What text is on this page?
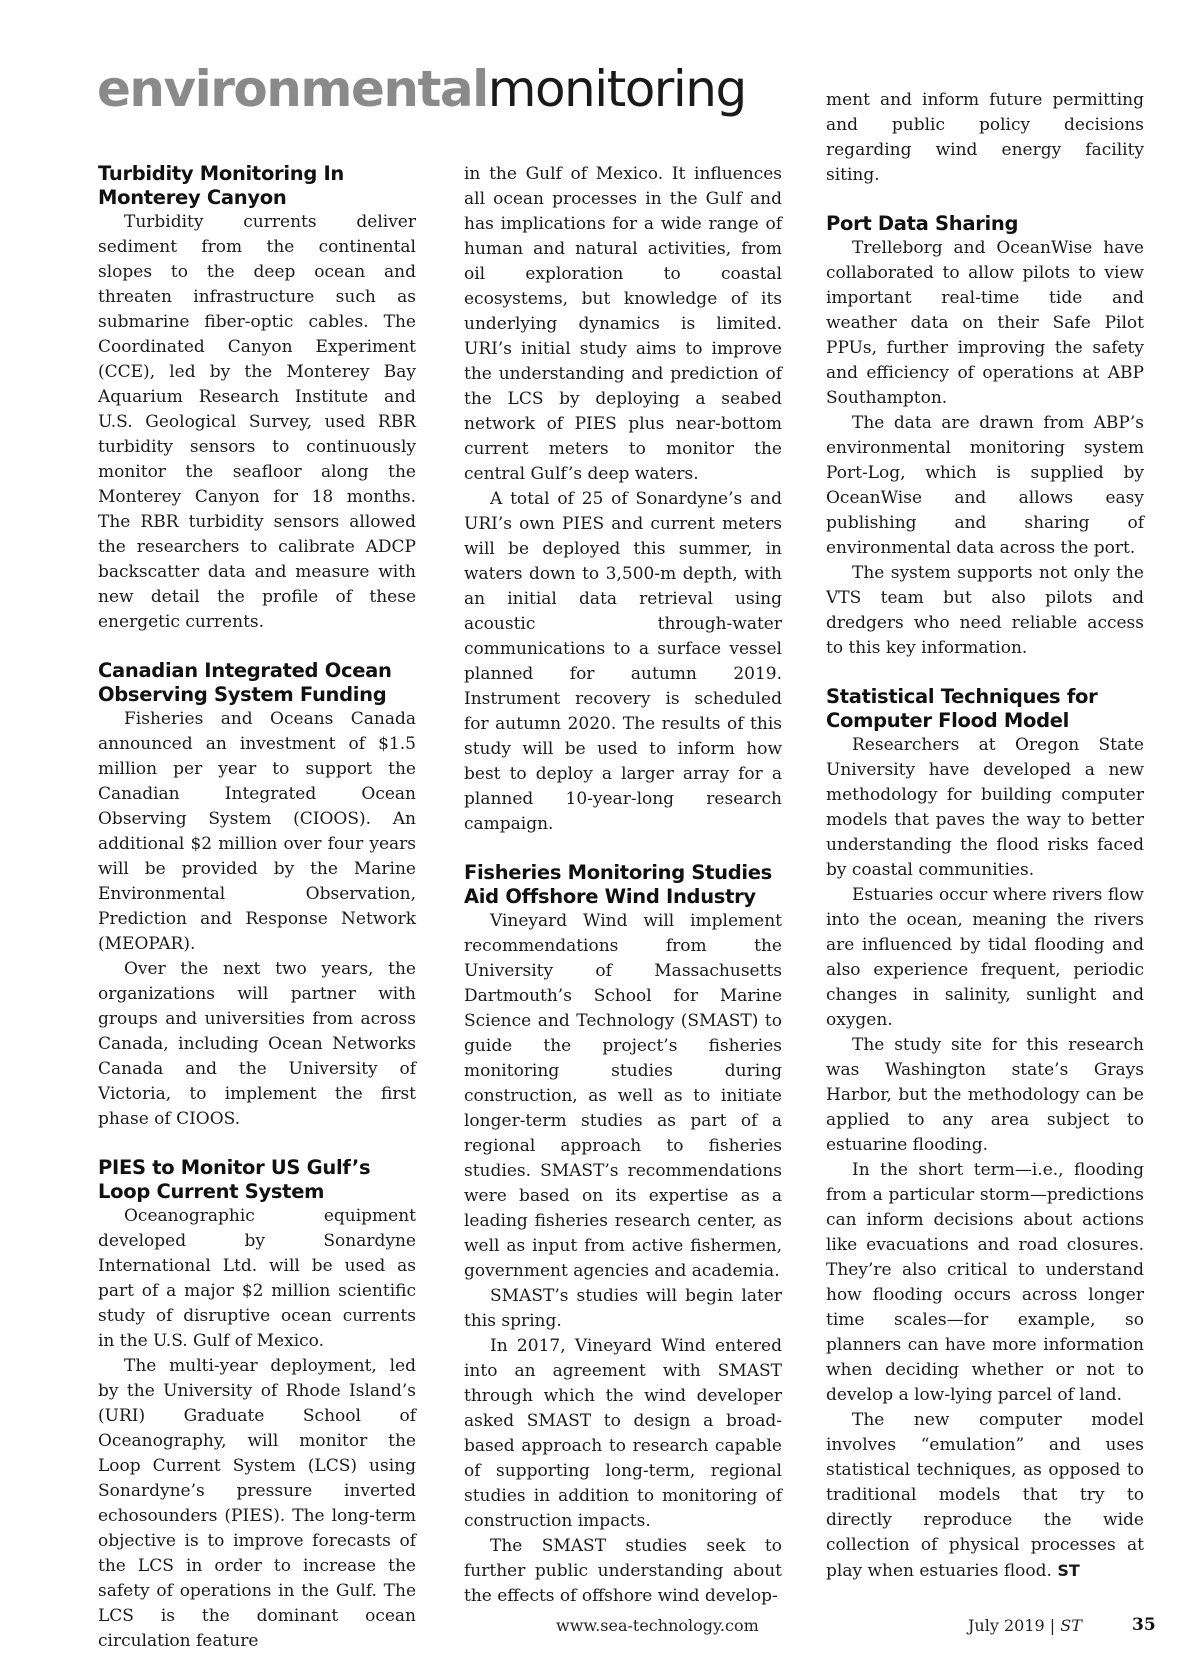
environmentalmonitoring
Turbidity Monitoring In Monterey Canyon

Turbidity currents deliver sediment from the continental slopes to the deep ocean and threaten infrastructure such as submarine fiber-optic cables. The Coordinated Canyon Experiment (CCE), led by the Monterey Bay Aquarium Research Institute and U.S. Geological Survey, used RBR turbidity sensors to continuously monitor the seafloor along the Monterey Canyon for 18 months. The RBR turbidity sensors allowed the researchers to calibrate ADCP backscatter data and measure with new detail the profile of these energetic currents.

Canadian Integrated Ocean Observing System Funding

Fisheries and Oceans Canada announced an investment of $1.5 million per year to support the Canadian Integrated Ocean Observing System (CIOOS). An additional $2 million over four years will be provided by the Marine Environmental Observation, Prediction and Response Network (MEOPAR).

Over the next two years, the organizations will partner with groups and universities from across Canada, including Ocean Networks Canada and the University of Victoria, to implement the first phase of CIOOS.

PIES to Monitor US Gulf’s Loop Current System

Oceanographic equipment developed by Sonardyne International Ltd. will be used as part of a major $2 million scientific study of disruptive ocean currents in the U.S. Gulf of Mexico.

The multi-year deployment, led by the University of Rhode Island’s (URI) Graduate School of Oceanography, will monitor the Loop Current System (LCS) using Sonardyne’s pressure inverted echosounders (PIES). The long-term objective is to improve forecasts of the LCS in order to increase the safety of operations in the Gulf. The LCS is the dominant ocean circulation feature

in the Gulf of Mexico. It influences all ocean processes in the Gulf and has implications for a wide range of human and natural activities, from oil exploration to coastal ecosystems, but knowledge of its underlying dynamics is limited. URI’s initial study aims to improve the understanding and prediction of the LCS by deploying a seabed network of PIES plus near-bottom current meters to monitor the central Gulf’s deep waters.

A total of 25 of Sonardyne’s and URI’s own PIES and current meters will be deployed this summer, in waters down to 3,500-m depth, with an initial data retrieval using acoustic through-water communications to a surface vessel planned for autumn 2019. Instrument recovery is scheduled for autumn 2020. The results of this study will be used to inform how best to deploy a larger array for a planned 10-year-long research campaign.

Fisheries Monitoring Studies Aid Offshore Wind Industry

Vineyard Wind will implement recommendations from the University of Massachusetts Dartmouth’s School for Marine Science and Technology (SMAST) to guide the project’s fisheries monitoring studies during construction, as well as to initiate longer-term studies as part of a regional approach to fisheries studies. SMAST’s recommendations were based on its expertise as a leading fisheries research center, as well as input from active fishermen, government agencies and academia.

SMAST’s studies will begin later this spring.

In 2017, Vineyard Wind entered into an agreement with SMAST through which the wind developer asked SMAST to design a broad-based approach to research capable of supporting long-term, regional studies in addition to monitoring of construction impacts.

The SMAST studies seek to further public understanding about the effects of offshore wind develop-

ment and inform future permitting and public policy decisions regarding wind energy facility siting.

Port Data Sharing

Trelleborg and OceanWise have collaborated to allow pilots to view important real-time tide and weather data on their Safe Pilot PPUs, further improving the safety and efficiency of operations at ABP Southampton.

The data are drawn from ABP’s environmental monitoring system Port-Log, which is supplied by OceanWise and allows easy publishing and sharing of environmental data across the port.

The system supports not only the VTS team but also pilots and dredgers who need reliable access to this key information.

Statistical Techniques for Computer Flood Model

Researchers at Oregon State University have developed a new methodology for building computer models that paves the way to better understanding the flood risks faced by coastal communities.

Estuaries occur where rivers flow into the ocean, meaning the rivers are influenced by tidal flooding and also experience frequent, periodic changes in salinity, sunlight and oxygen.

The study site for this research was Washington state’s Grays Harbor, but the methodology can be applied to any area subject to estuarine flooding.

In the short term—i.e., flooding from a particular storm—predictions can inform decisions about actions like evacuations and road closures. They’re also critical to understand how flooding occurs across longer time scales—for example, so planners can have more information when deciding whether or not to develop a low-lying parcel of land.

The new computer model involves “emulation” and uses statistical techniques, as opposed to traditional models that try to directly reproduce the wide collection of physical processes at play when estuaries flood. ST

www.sea-technology.com	July 2019 | ST	35
